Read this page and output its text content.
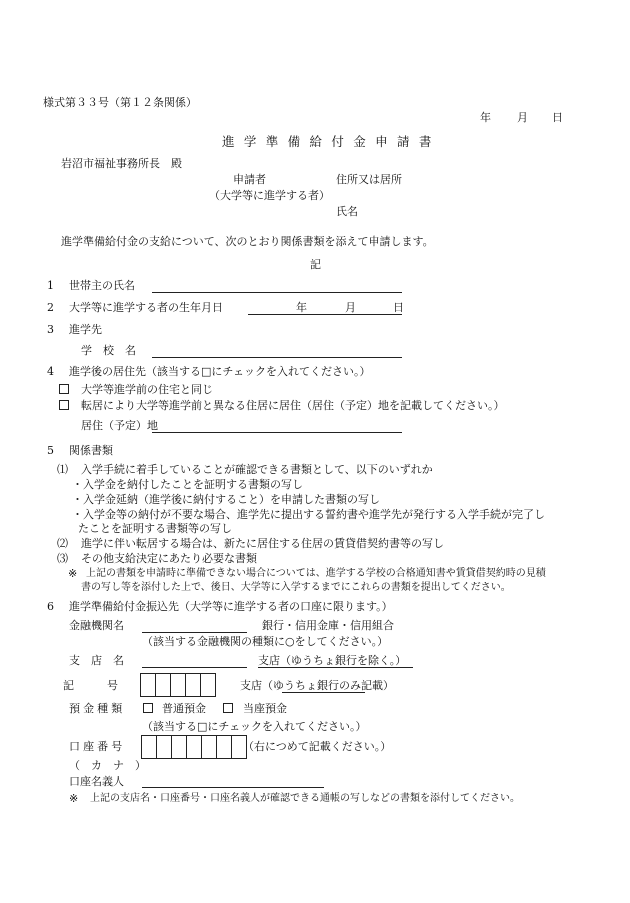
様式第３３号（第１２条関係）
年 月 日
進学準備給付金申請書
岩沼市福祉事務所長　殿
申請者	住所又は居所
（大学等に進学する者）
氏名
進学準備給付金の支給について、次のとおり関係書類を添えて申請します。
記
1 世帯主の氏名
2 大学等に進学する者の生年月日	年	月	日
3 進学先
学　校　名
4 進学後の居住先（該当する□にチェックを入れてください。）
大学等進学前の住宅と同じ
転居により大学等進学前と異なる住居に居住（居住（予定）地を記載してください。）
居住（予定）地
5 関係書類
⑴ 入学手続に着手していることが確認できる書類として、以下のいずれか
・入学金を納付したことを証明する書類の写し
・入学金延納（進学後に納付すること）を申請した書類の写し
・入学金等の納付が不要な場合、進学先に提出する誓約書や進学先が発行する入学手続が完了し
たことを証明する書類等の写し
⑵ 進学に伴い転居する場合は、新たに居住する住居の賃貸借契約書等の写し
⑶ その他支給決定にあたり必要な書類
※ 上記の書類を申請時に準備できない場合については、進学する学校の合格通知書や賃貸借契約時の見積
書の写し等を添付した上で、後日、大学等に入学するまでにこれらの書類を提出してください。
6 進学準備給付金振込先（大学等に進学する者の口座に限ります。）
金融機関名	銀行・信用金庫・信用組合
（該当する金融機関の種類に○をしてください。）
支　店　名	支店（ゆうちょ銀行を除く。）
記　　　号	支店（ゆうちょ銀行のみ記載）
預金種類	普通預金	当座預金
（該当する□にチェックを入れてください。）
口座番号	（右につめて記載ください。）
（　カ　ナ　）
口座名義人
※ 上記の支店名・口座番号・口座名義人が確認できる通帳の写しなどの書類を添付してください。
